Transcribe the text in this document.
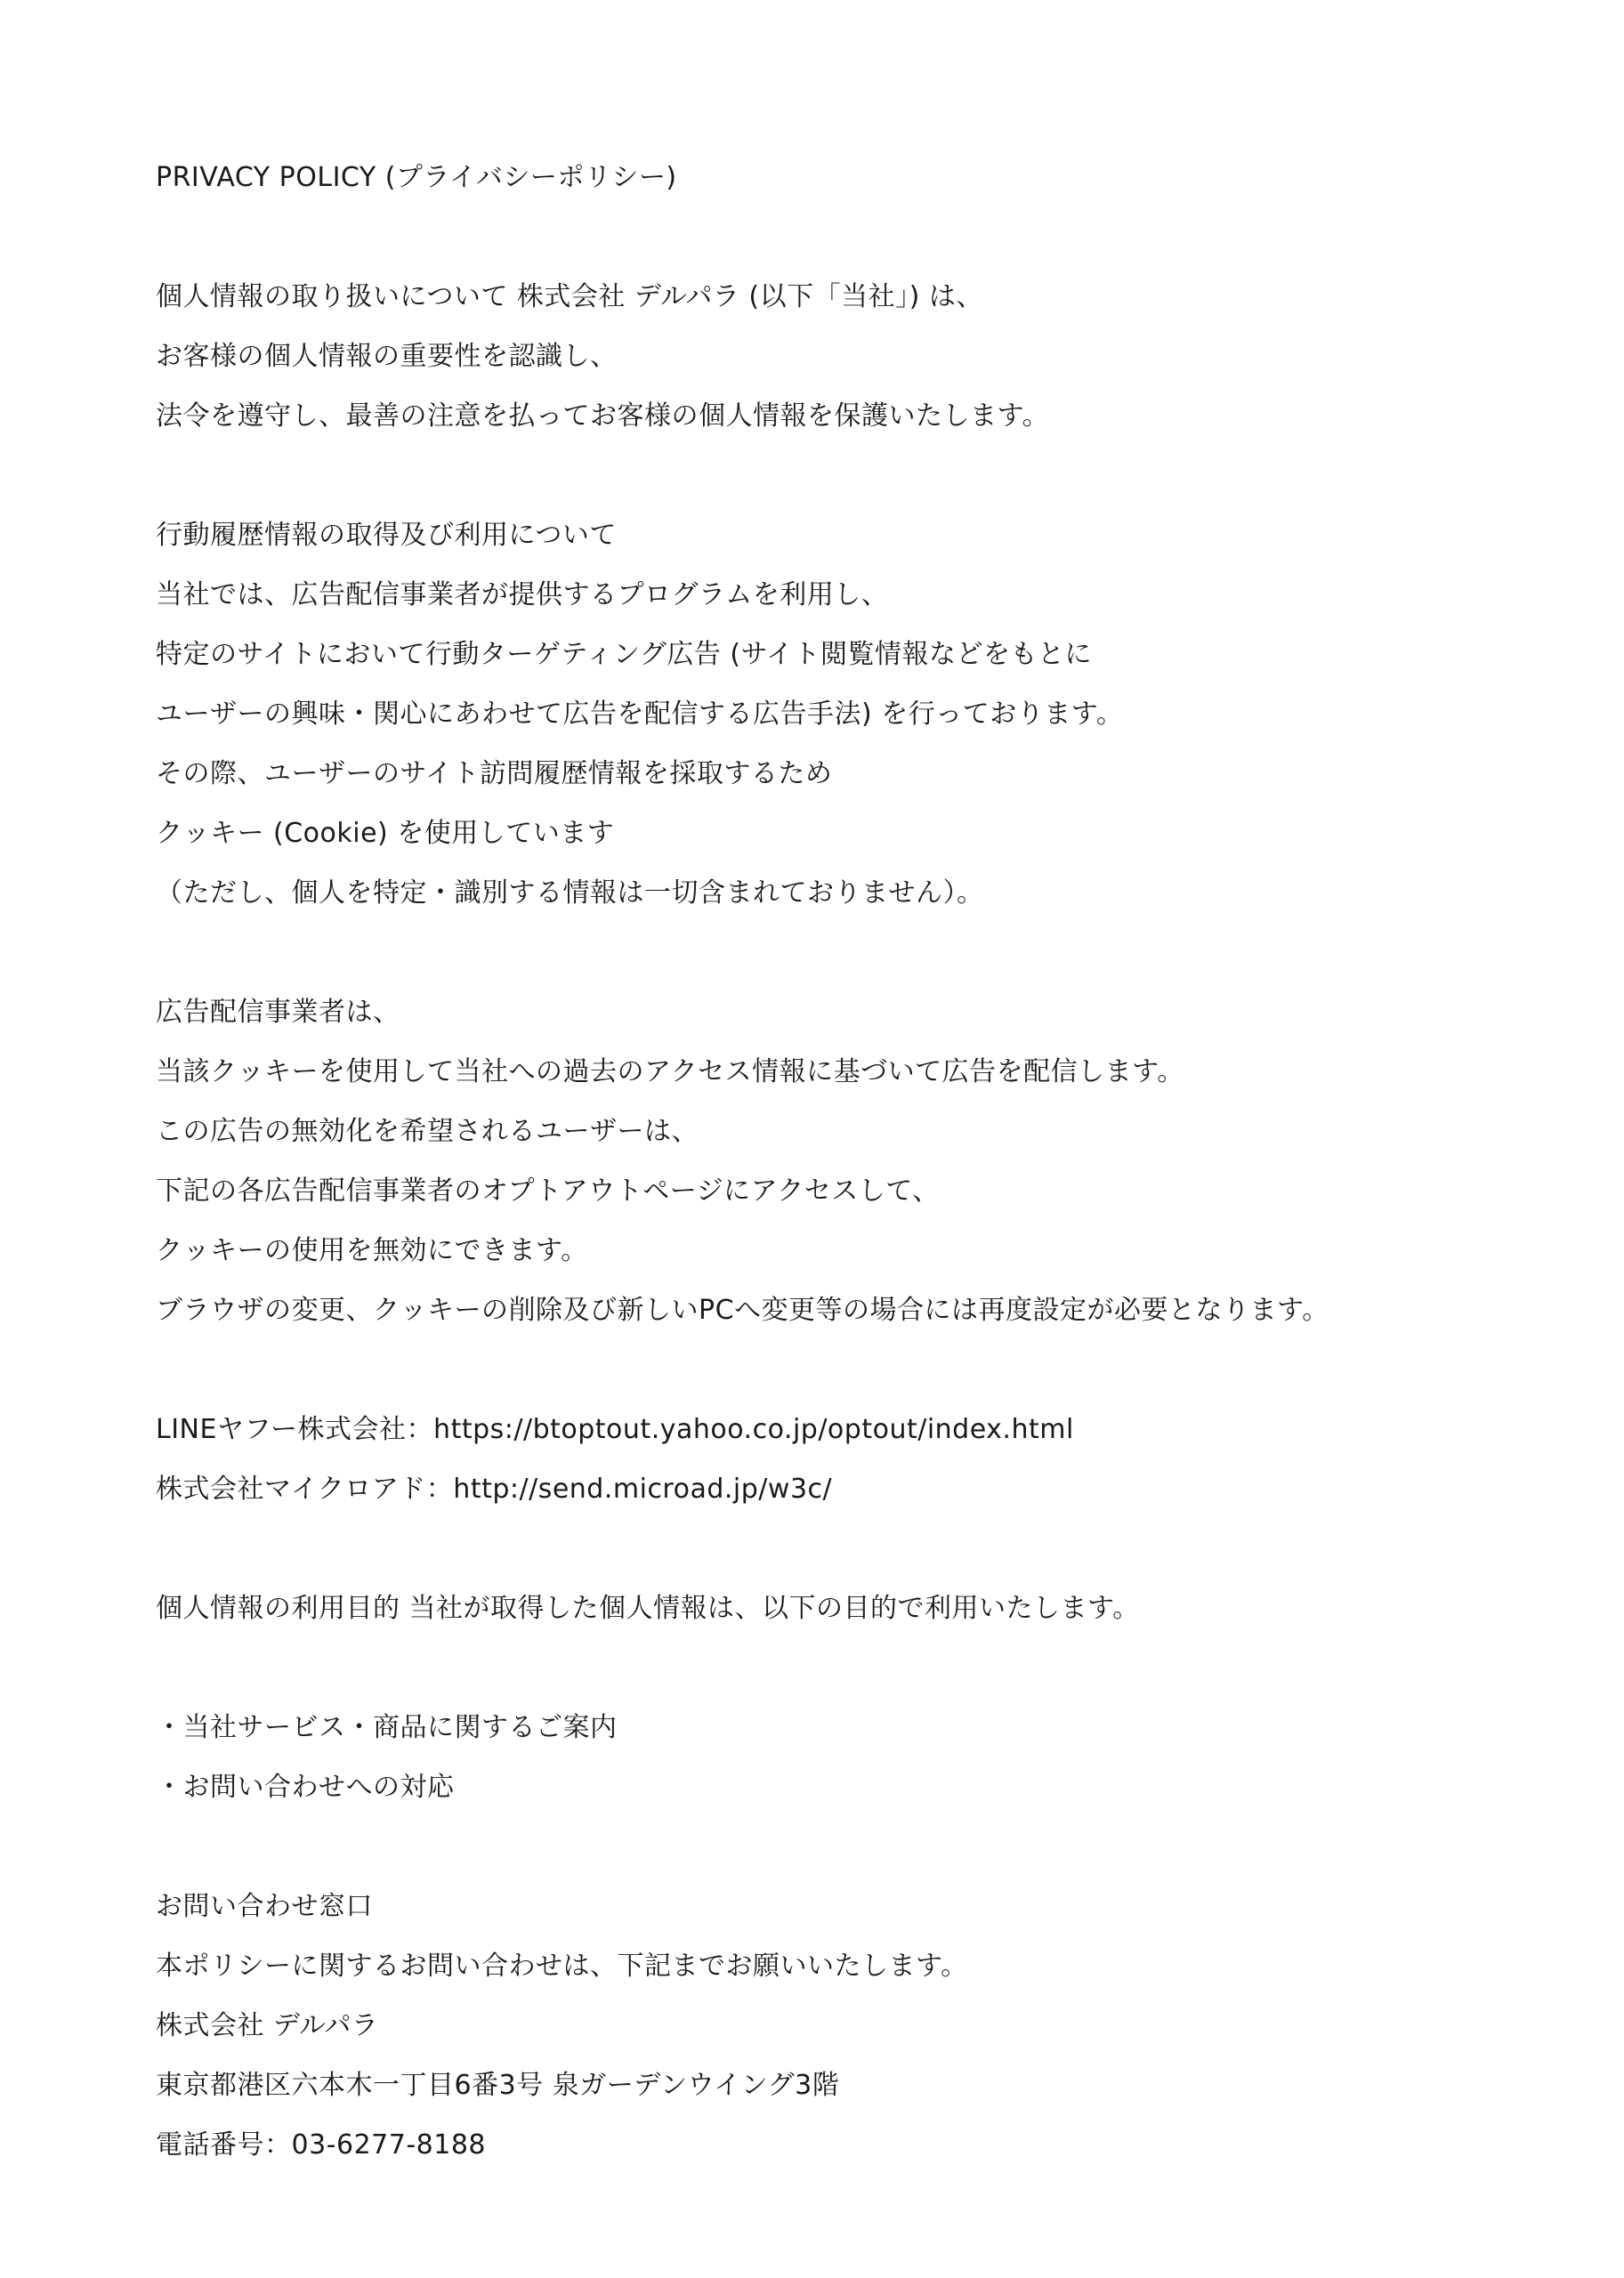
PRIVACY POLICY (プライバシーポリシー)
個人情報の取り扱いについて 株式会社 デルパラ (以下「当社」) は、
お客様の個人情報の重要性を認識し、
法令を遵守し、最善の注意を払ってお客様の個人情報を保護いたします。
行動履歴情報の取得及び利用について
当社では、広告配信事業者が提供するプログラムを利用し、
特定のサイトにおいて行動ターゲティング広告 (サイト閲覧情報などをもとに
ユーザーの興味・関心にあわせて広告を配信する広告手法) を行っております。
その際、ユーザーのサイト訪問履歴情報を採取するため
クッキー (Cookie) を使用しています
（ただし、個人を特定・識別する情報は一切含まれておりません）。
広告配信事業者は、
当該クッキーを使用して当社への過去のアクセス情報に基づいて広告を配信します。
この広告の無効化を希望されるユーザーは、
下記の各広告配信事業者のオプトアウトページにアクセスして、
クッキーの使用を無効にできます。
ブラウザの変更、クッキーの削除及び新しいPCへ変更等の場合には再度設定が必要となります。
LINEヤフー株式会社：https://btoptout.yahoo.co.jp/optout/index.html
株式会社マイクロアド：http://send.microad.jp/w3c/
個人情報の利用目的 当社が取得した個人情報は、以下の目的で利用いたします。
・当社サービス・商品に関するご案内
・お問い合わせへの対応
お問い合わせ窓口
本ポリシーに関するお問い合わせは、下記までお願いいたします。
株式会社 デルパラ
東京都港区六本木一丁目6番3号 泉ガーデンウイング3階
電話番号：03-6277-8188
